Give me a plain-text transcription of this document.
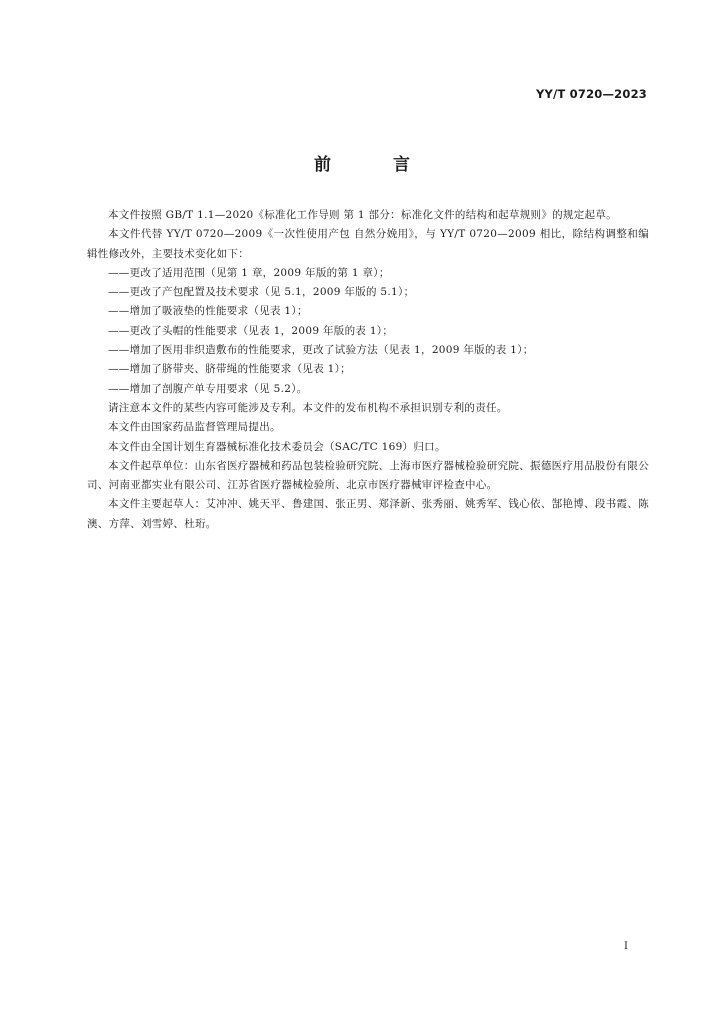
YY/T 0720—2023
前 言

本文件按照 GB/T 1.1—2020《标准化工作导则 第 1 部分：标准化文件的结构和起草规则》的规定起草。

本文件代替 YY/T 0720—2009《一次性使用产包 自然分娩用》，与 YY/T 0720—2009 相比，除结构调整和编辑性修改外，主要技术变化如下：

——更改了适用范围（见第 1 章，2009 年版的第 1 章）；

——更改了产包配置及技术要求（见 5.1，2009 年版的 5.1）；

——增加了吸液垫的性能要求（见表 1）；

——更改了头帽的性能要求（见表 1，2009 年版的表 1）；

——增加了医用非织造敷布的性能要求，更改了试验方法（见表 1，2009 年版的表 1）；

——增加了脐带夹、脐带绳的性能要求（见表 1）；

——增加了剖腹产单专用要求（见 5.2）。

请注意本文件的某些内容可能涉及专利。本文件的发布机构不承担识别专利的责任。

本文件由国家药品监督管理局提出。

本文件由全国计划生育器械标准化技术委员会（SAC/TC 169）归口。

本文件起草单位：山东省医疗器械和药品包装检验研究院、上海市医疗器械检验研究院、振德医疗用品股份有限公司、河南亚都实业有限公司、江苏省医疗器械检验所、北京市医疗器械审评检查中心。

本文件主要起草人：艾冲冲、姚天平、鲁建国、张正男、郑泽新、张秀丽、姚秀军、钱心依、郜艳博、段书霞、陈澳、方萍、刘雪婷、杜珩。

I
